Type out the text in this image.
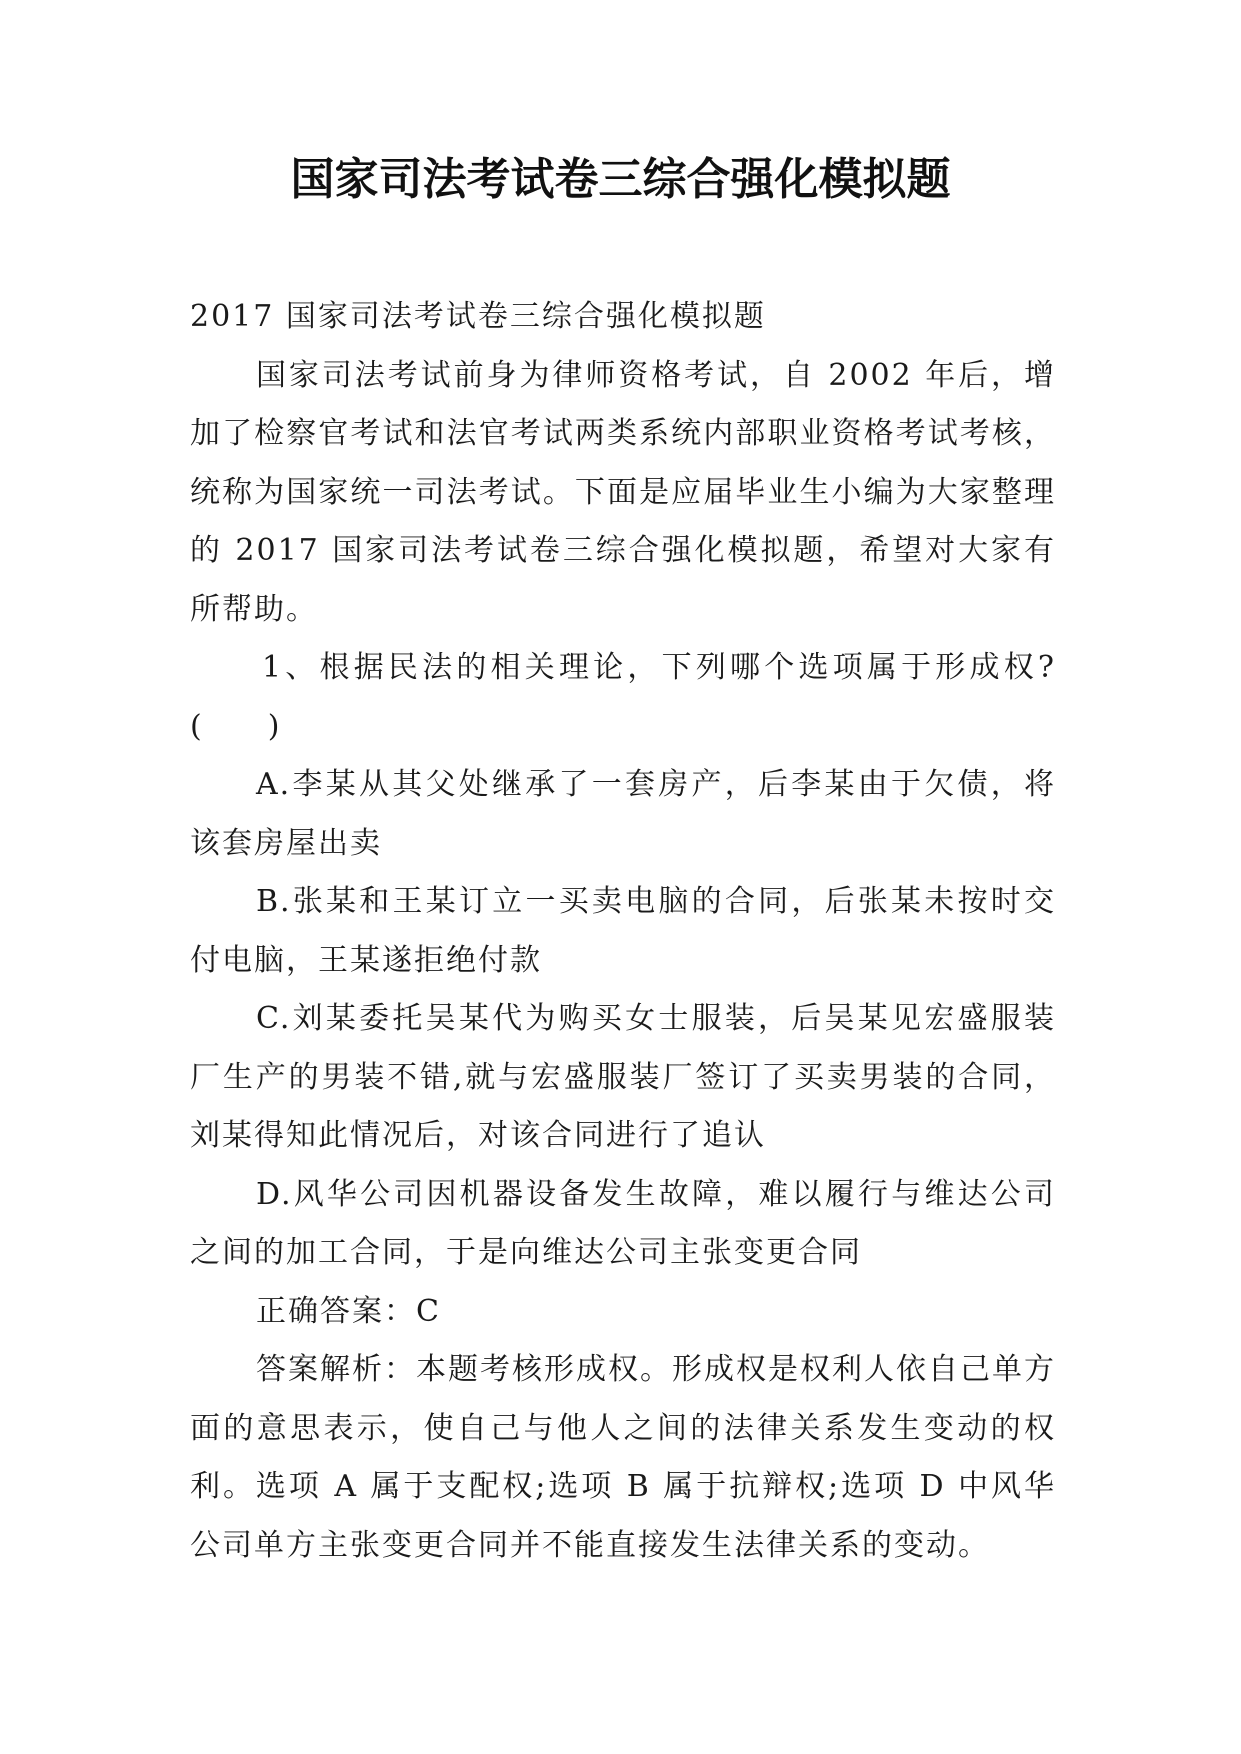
国家司法考试卷三综合强化模拟题

2017 国家司法考试卷三综合强化模拟题

国家司法考试前身为律师资格考试，自 2002 年后，增加了检察官考试和法官考试两类系统内部职业资格考试考核，统称为国家统一司法考试。下面是应届毕业生小编为大家整理的 2017 国家司法考试卷三综合强化模拟题，希望对大家有所帮助。

1、根据民法的相关理论，下列哪个选项属于形成权?(　　)

A.李某从其父处继承了一套房产，后李某由于欠债，将该套房屋出卖

B.张某和王某订立一买卖电脑的合同，后张某未按时交付电脑，王某遂拒绝付款

C.刘某委托吴某代为购买女士服装，后吴某见宏盛服装厂生产的男装不错,就与宏盛服装厂签订了买卖男装的合同，刘某得知此情况后，对该合同进行了追认

D.风华公司因机器设备发生故障，难以履行与维达公司之间的加工合同，于是向维达公司主张变更合同

正确答案：C

答案解析：本题考核形成权。形成权是权利人依自己单方面的意思表示，使自己与他人之间的法律关系发生变动的权利。选项 A 属于支配权;选项 B 属于抗辩权;选项 D 中风华公司单方主张变更合同并不能直接发生法律关系的变动。
